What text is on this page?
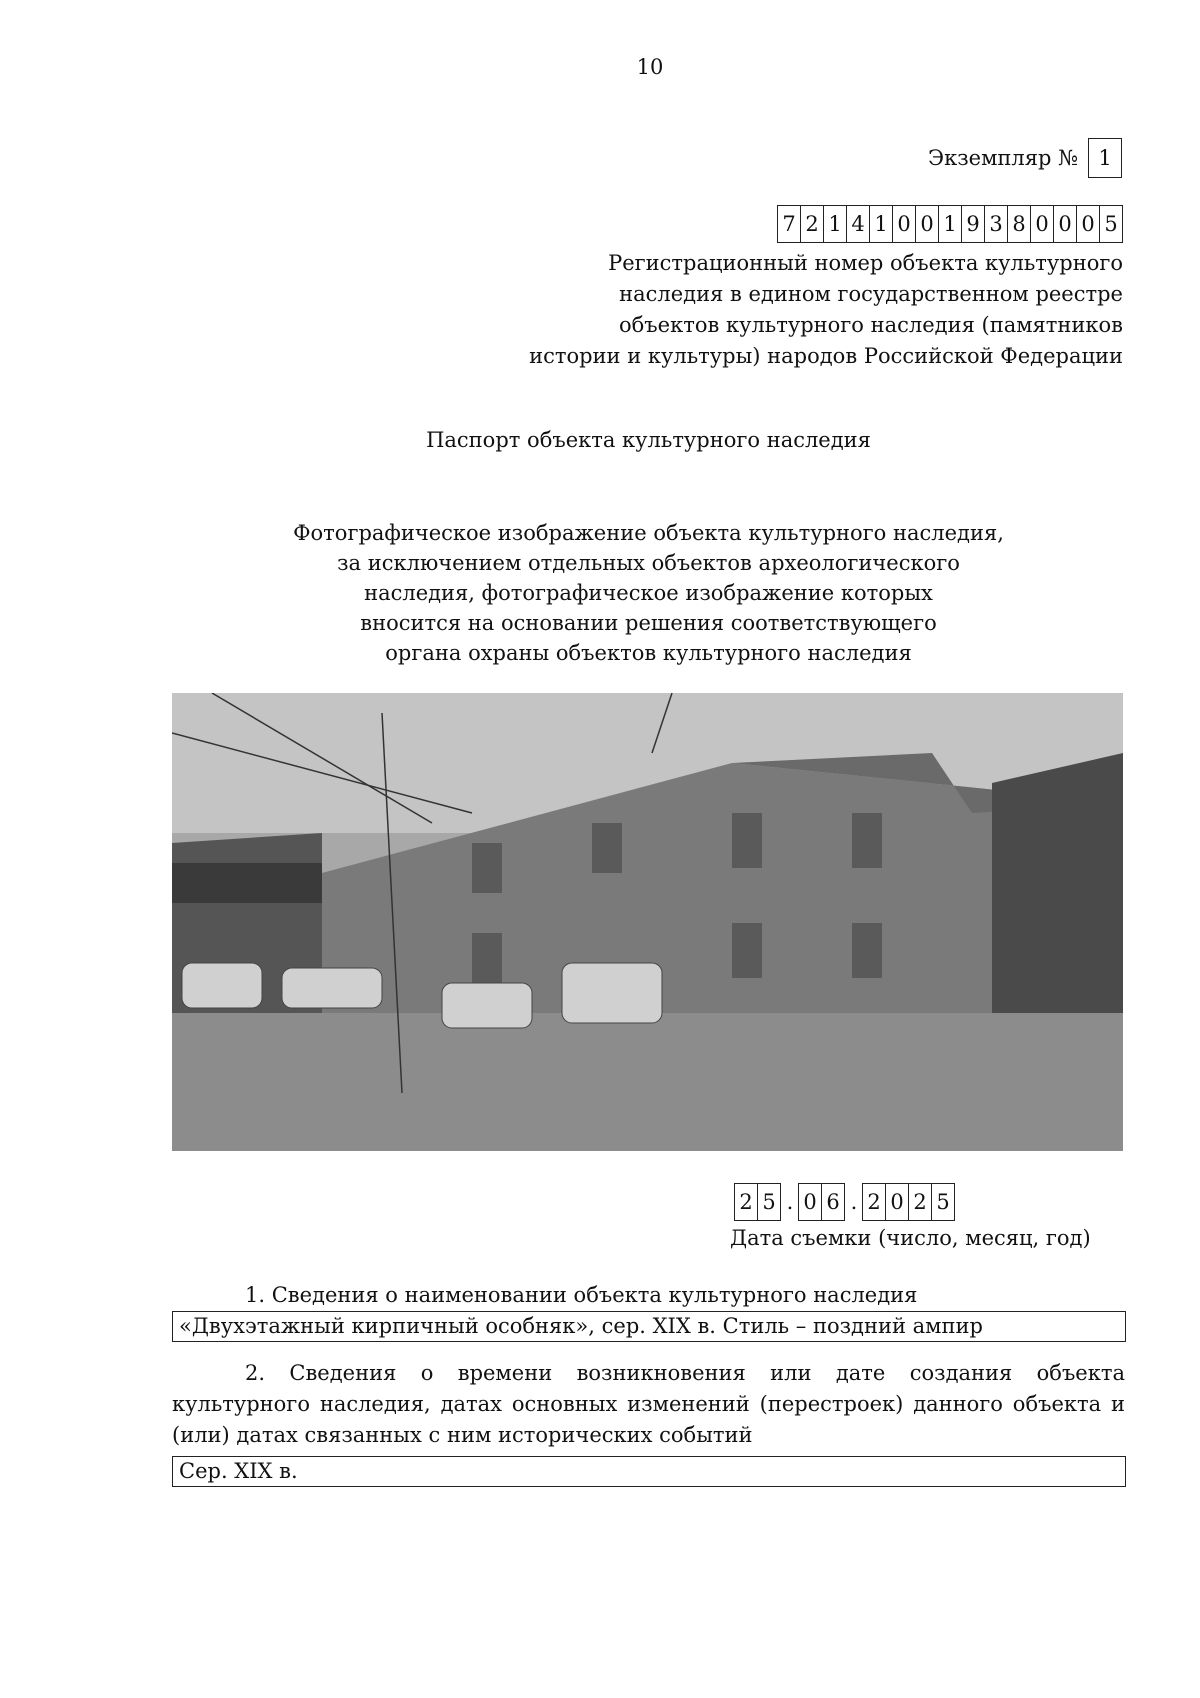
10
Экземпляр № 1
7 2 1 4 1 0 0 1 9 3 8 0 0 0 5
Регистрационный номер объекта культурного
наследия в едином государственном реестре
объектов культурного наследия (памятников
истории и культуры) народов Российской Федерации
Паспорт объекта культурного наследия
Фотографическое изображение объекта культурного наследия,
за исключением отдельных объектов археологического
наследия, фотографическое изображение которых
вносится на основании решения соответствующего
органа охраны объектов культурного наследия
2 5 . 0 6 . 2 0 2 5
Дата съемки (число, месяц, год)
1. Сведения о наименовании объекта культурного наследия
«Двухэтажный кирпичный особняк», сер. XIX в. Стиль – поздний ампир
2. Сведения о времени возникновения или дате создания объекта культурного наследия, датах основных изменений (перестроек) данного объекта и (или) датах связанных с ним исторических событий
Сер. XIX в.
